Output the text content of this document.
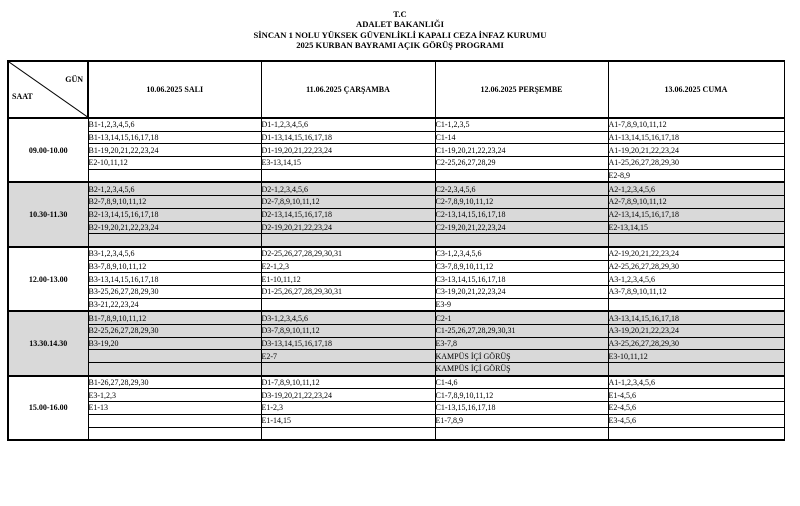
T.C
ADALET BAKANLIĞI
SİNCAN 1 NOLU YÜKSEK GÜVENLİKLİ KAPALI CEZA İNFAZ KURUMU
2025 KURBAN BAYRAMI AÇIK GÖRÜŞ PROGRAMI
GÜN
SAAT	10.06.2025 SALI	11.06.2025 ÇARŞAMBA	12.06.2025 PERŞEMBE	13.06.2025 CUMA
09.00-10.00	B1-1,2,3,4,5,6	D1-1,2,3,4,5,6	C1-1,2,3,5	A1-7,8,9,10,11,12
	B1-13,14,15,16,17,18	D1-13,14,15,16,17,18	C1-14	A1-13,14,15,16,17,18
	B1-19,20,21,22,23,24	D1-19,20,21,22,23,24	C1-19,20,21,22,23,24	A1-19,20,21,22,23,24
	E2-10,11,12	E3-13,14,15	C2-25,26,27,28,29	A1-25,26,27,28,29,30
				E2-8,9
10.30-11.30	B2-1,2,3,4,5,6	D2-1,2,3,4,5,6	C2-2,3,4,5,6	A2-1,2,3,4,5,6
	B2-7,8,9,10,11,12	D2-7,8,9,10,11,12	C2-7,8,9,10,11,12	A2-7,8,9,10,11,12
	B2-13,14,15,16,17,18	D2-13,14,15,16,17,18	C2-13,14,15,16,17,18	A2-13,14,15,16,17,18
	B2-19,20,21,22,23,24	D2-19,20,21,22,23,24	C2-19,20,21,22,23,24	E2-13,14,15

12.00-13.00	B3-1,2,3,4,5,6	D2-25,26,27,28,29,30,31	C3-1,2,3,4,5,6	A2-19,20,21,22,23,24
	B3-7,8,9,10,11,12	E2-1,2,3	C3-7,8,9,10,11,12	A2-25,26,27,28,29,30
	B3-13,14,15,16,17,18	E1-10,11,12	C3-13,14,15,16,17,18	A3-1,2,3,4,5,6
	B3-25,26,27,28,29,30	D1-25,26,27,28,29,30,31	C3-19,20,21,22,23,24	A3-7,8,9,10,11,12
	B3-21,22,23,24		E3-9	
13.30.14.30	B1-7,8,9,10,11,12	D3-1,2,3,4,5,6	C2-1	A3-13,14,15,16,17,18
	B2-25,26,27,28,29,30	D3-7,8,9,10,11,12	C1-25,26,27,28,29,30,31	A3-19,20,21,22,23,24
	B3-19,20	D3-13,14,15,16,17,18	E3-7,8	A3-25,26,27,28,29,30
		E2-7	KAMPÜS İÇİ GÖRÜŞ	E3-10,11,12
			KAMPÜS İÇİ GÖRÜŞ	
15.00-16.00	B1-26,27,28,29,30	D1-7,8,9,10,11,12	C1-4,6	A1-1,2,3,4,5,6
	E3-1,2,3	D3-19,20,21,22,23,24	C1-7,8,9,10,11,12	E1-4,5,6
	E1-13	E1-2,3	C1-13,15,16,17,18	E2-4,5,6
		E1-14,15	E1-7,8,9	E3-4,5,6
